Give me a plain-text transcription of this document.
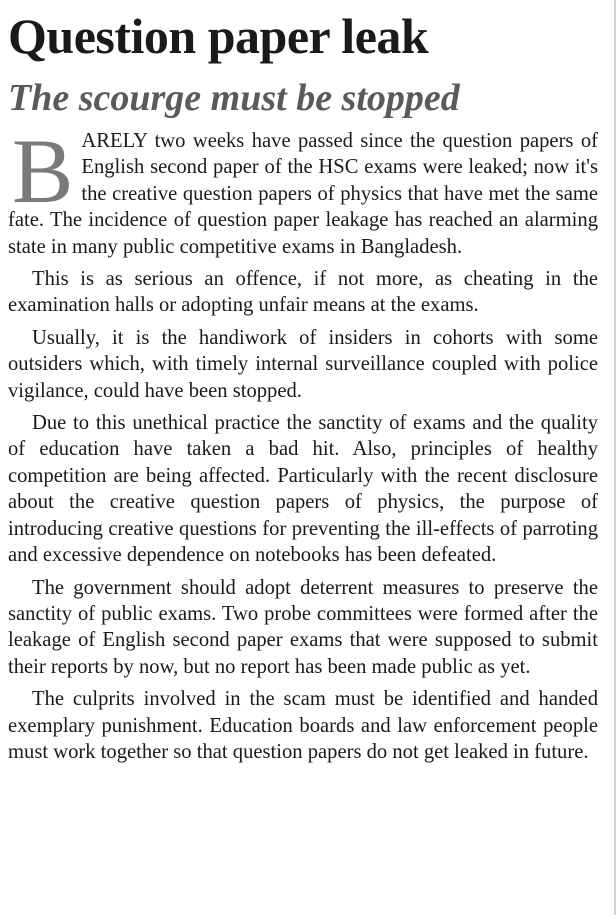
Question paper leak
The scourge must be stopped

B ARELY two weeks have passed since the question papers of English second paper of the HSC exams were leaked; now it's the creative question papers of physics that have met the same fate. The incidence of question paper leakage has reached an alarming state in many public competitive exams in Bangladesh.

This is as serious an offence, if not more, as cheating in the examination halls or adopting unfair means at the exams.

Usually, it is the handiwork of insiders in cohorts with some outsiders which, with timely internal surveillance coupled with police vigilance, could have been stopped.

Due to this unethical practice the sanctity of exams and the quality of education have taken a bad hit. Also, principles of healthy competition are being affected. Particularly with the recent disclosure about the creative question papers of physics, the purpose of introducing creative questions for preventing the ill-effects of parroting and excessive dependence on notebooks has been defeated.

The government should adopt deterrent measures to preserve the sanctity of public exams. Two probe committees were formed after the leakage of English second paper exams that were supposed to submit their reports by now, but no report has been made public as yet.

The culprits involved in the scam must be identified and handed exemplary punishment. Education boards and law enforcement people must work together so that question papers do not get leaked in future.
